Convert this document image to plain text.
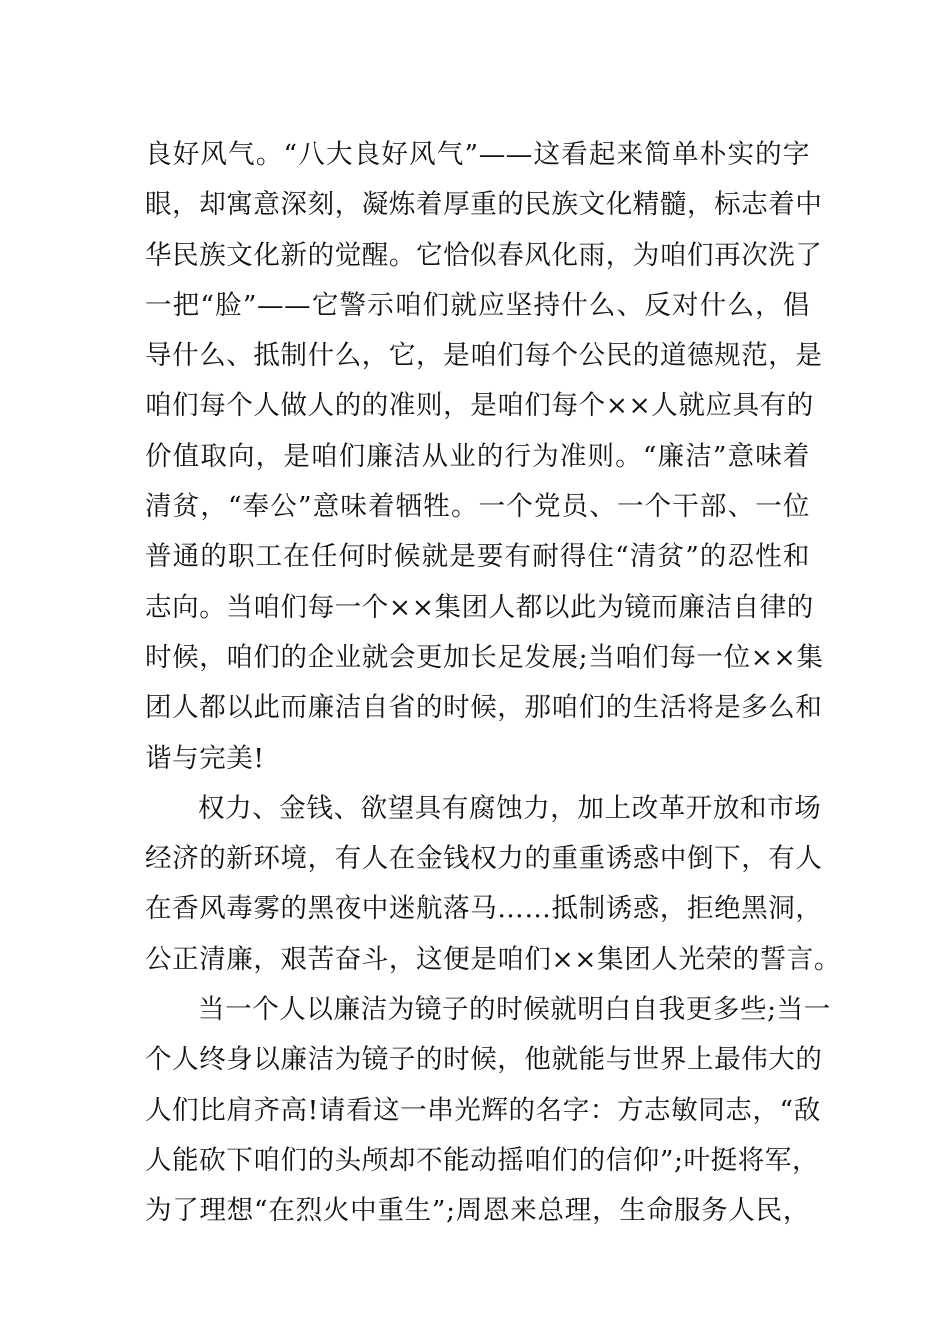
良好风气。“八大良好风气”——这看起来简单朴实的字
眼，却寓意深刻，凝炼着厚重的民族文化精髓，标志着中
华民族文化新的觉醒。它恰似春风化雨，为咱们再次洗了
一把“脸”——它警示咱们就应坚持什么、反对什么，倡
导什么、抵制什么，它，是咱们每个公民的道德规范，是
咱们每个人做人的的准则，是咱们每个××人就应具有的
价值取向，是咱们廉洁从业的行为准则。“廉洁”意味着
清贫，“奉公”意味着牺牲。一个党员、一个干部、一位
普通的职工在任何时候就是要有耐得住“清贫”的忍性和
志向。当咱们每一个××集团人都以此为镜而廉洁自律的
时候，咱们的企业就会更加长足发展;当咱们每一位××集
团人都以此而廉洁自省的时候，那咱们的生活将是多么和
谐与完美!
权力、金钱、欲望具有腐蚀力，加上改革开放和市场
经济的新环境，有人在金钱权力的重重诱惑中倒下，有人
在香风毒雾的黑夜中迷航落马……抵制诱惑，拒绝黑洞，
公正清廉，艰苦奋斗，这便是咱们××集团人光荣的誓言。
当一个人以廉洁为镜子的时候就明白自我更多些;当一
个人终身以廉洁为镜子的时候，他就能与世界上最伟大的
人们比肩齐高!请看这一串光辉的名字：方志敏同志，“敌
人能砍下咱们的头颅却不能动摇咱们的信仰”;叶挺将军，
为了理想“在烈火中重生”;周恩来总理，生命服务人民，
